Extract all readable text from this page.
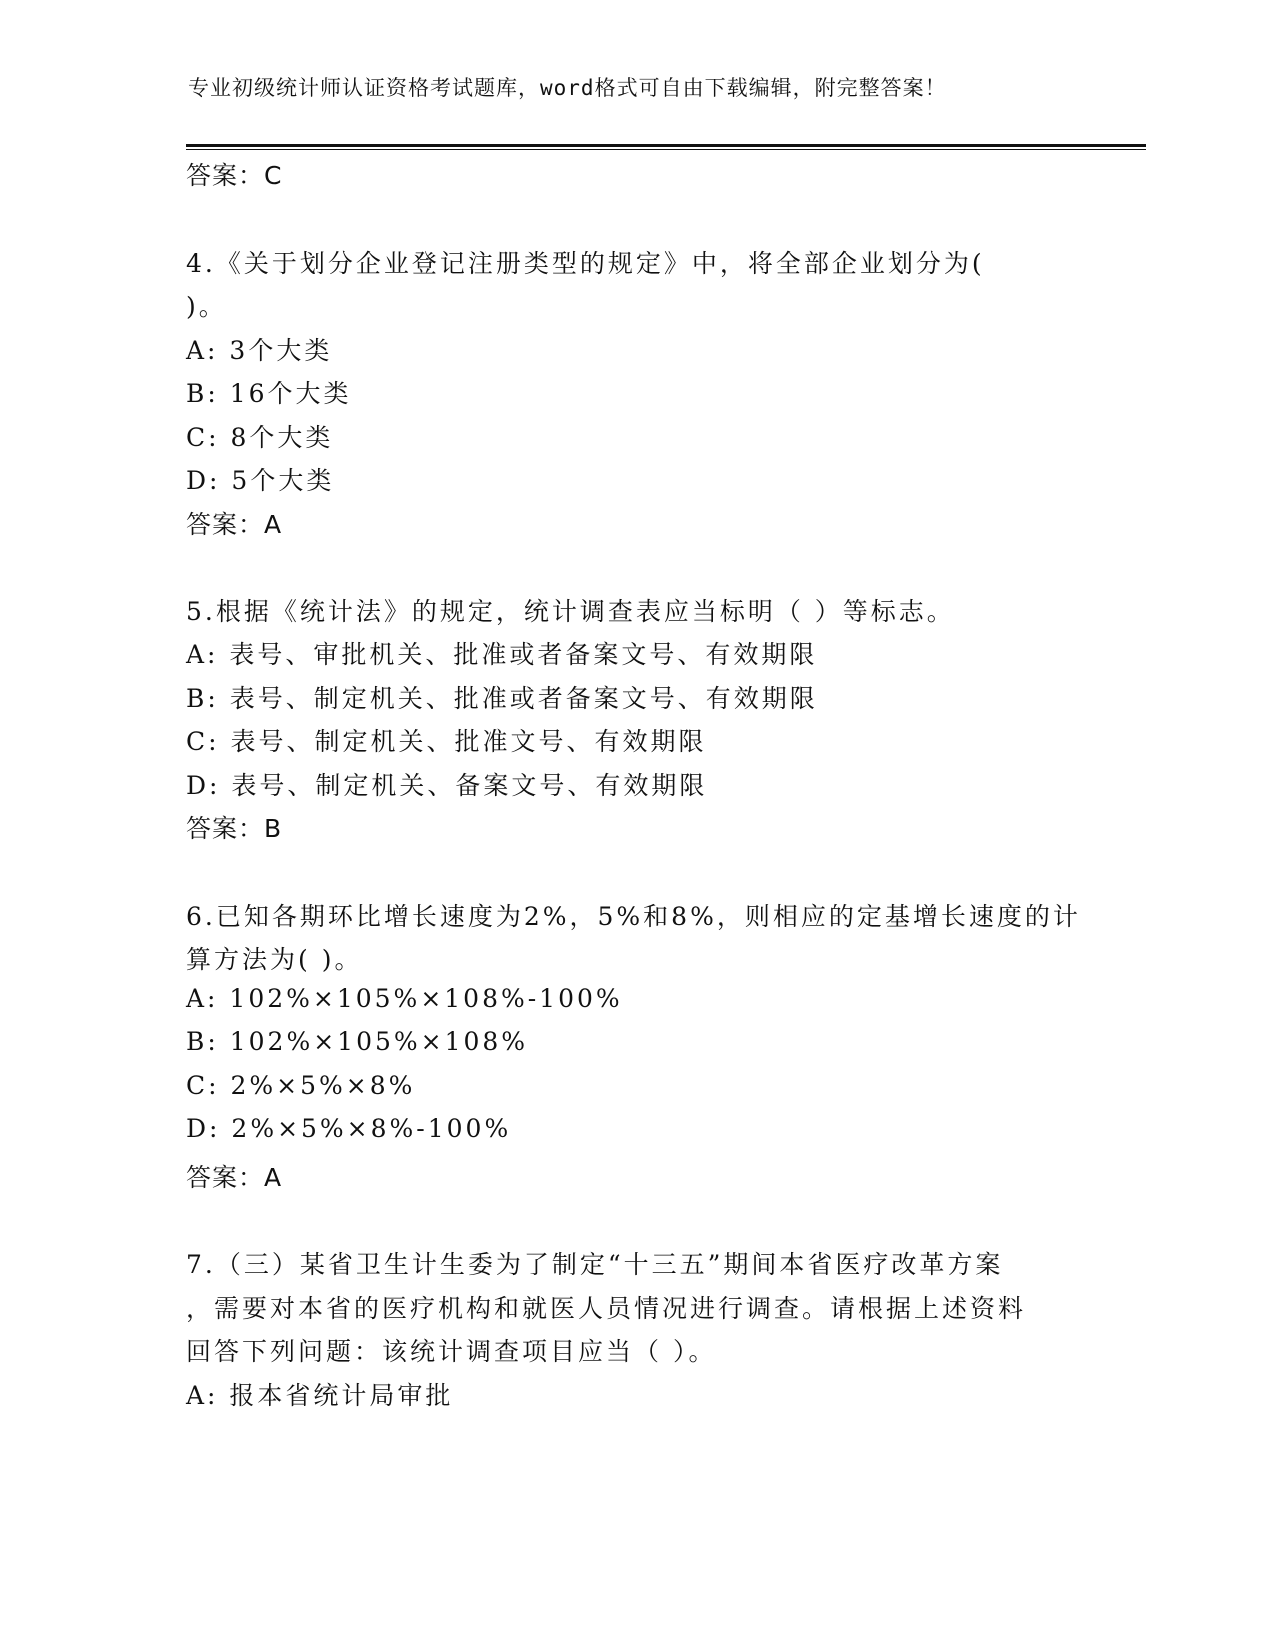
专业初级统计师认证资格考试题库，word格式可自由下载编辑，附完整答案！
答案：C
4.《关于划分企业登记注册类型的规定》中，将全部企业划分为(
)。
A: 3个大类
B: 16个大类
C: 8个大类
D: 5个大类
答案：A
5.根据《统计法》的规定，统计调查表应当标明（ ）等标志。
A: 表号、审批机关、批准或者备案文号、有效期限
B: 表号、制定机关、批准或者备案文号、有效期限
C: 表号、制定机关、批准文号、有效期限
D: 表号、制定机关、备案文号、有效期限
答案：B
6.已知各期环比增长速度为2%，5%和8%，则相应的定基增长速度的计
算方法为( )。
A: 102%×105%×108%-100%
B: 102%×105%×108%
C: 2%×5%×8%
D: 2%×5%×8%-100%
答案：A
7.（三）某省卫生计生委为了制定“十三五”期间本省医疗改革方案
，需要对本省的医疗机构和就医人员情况进行调查。请根据上述资料
回答下列问题：该统计调查项目应当（ ）。
A: 报本省统计局审批
